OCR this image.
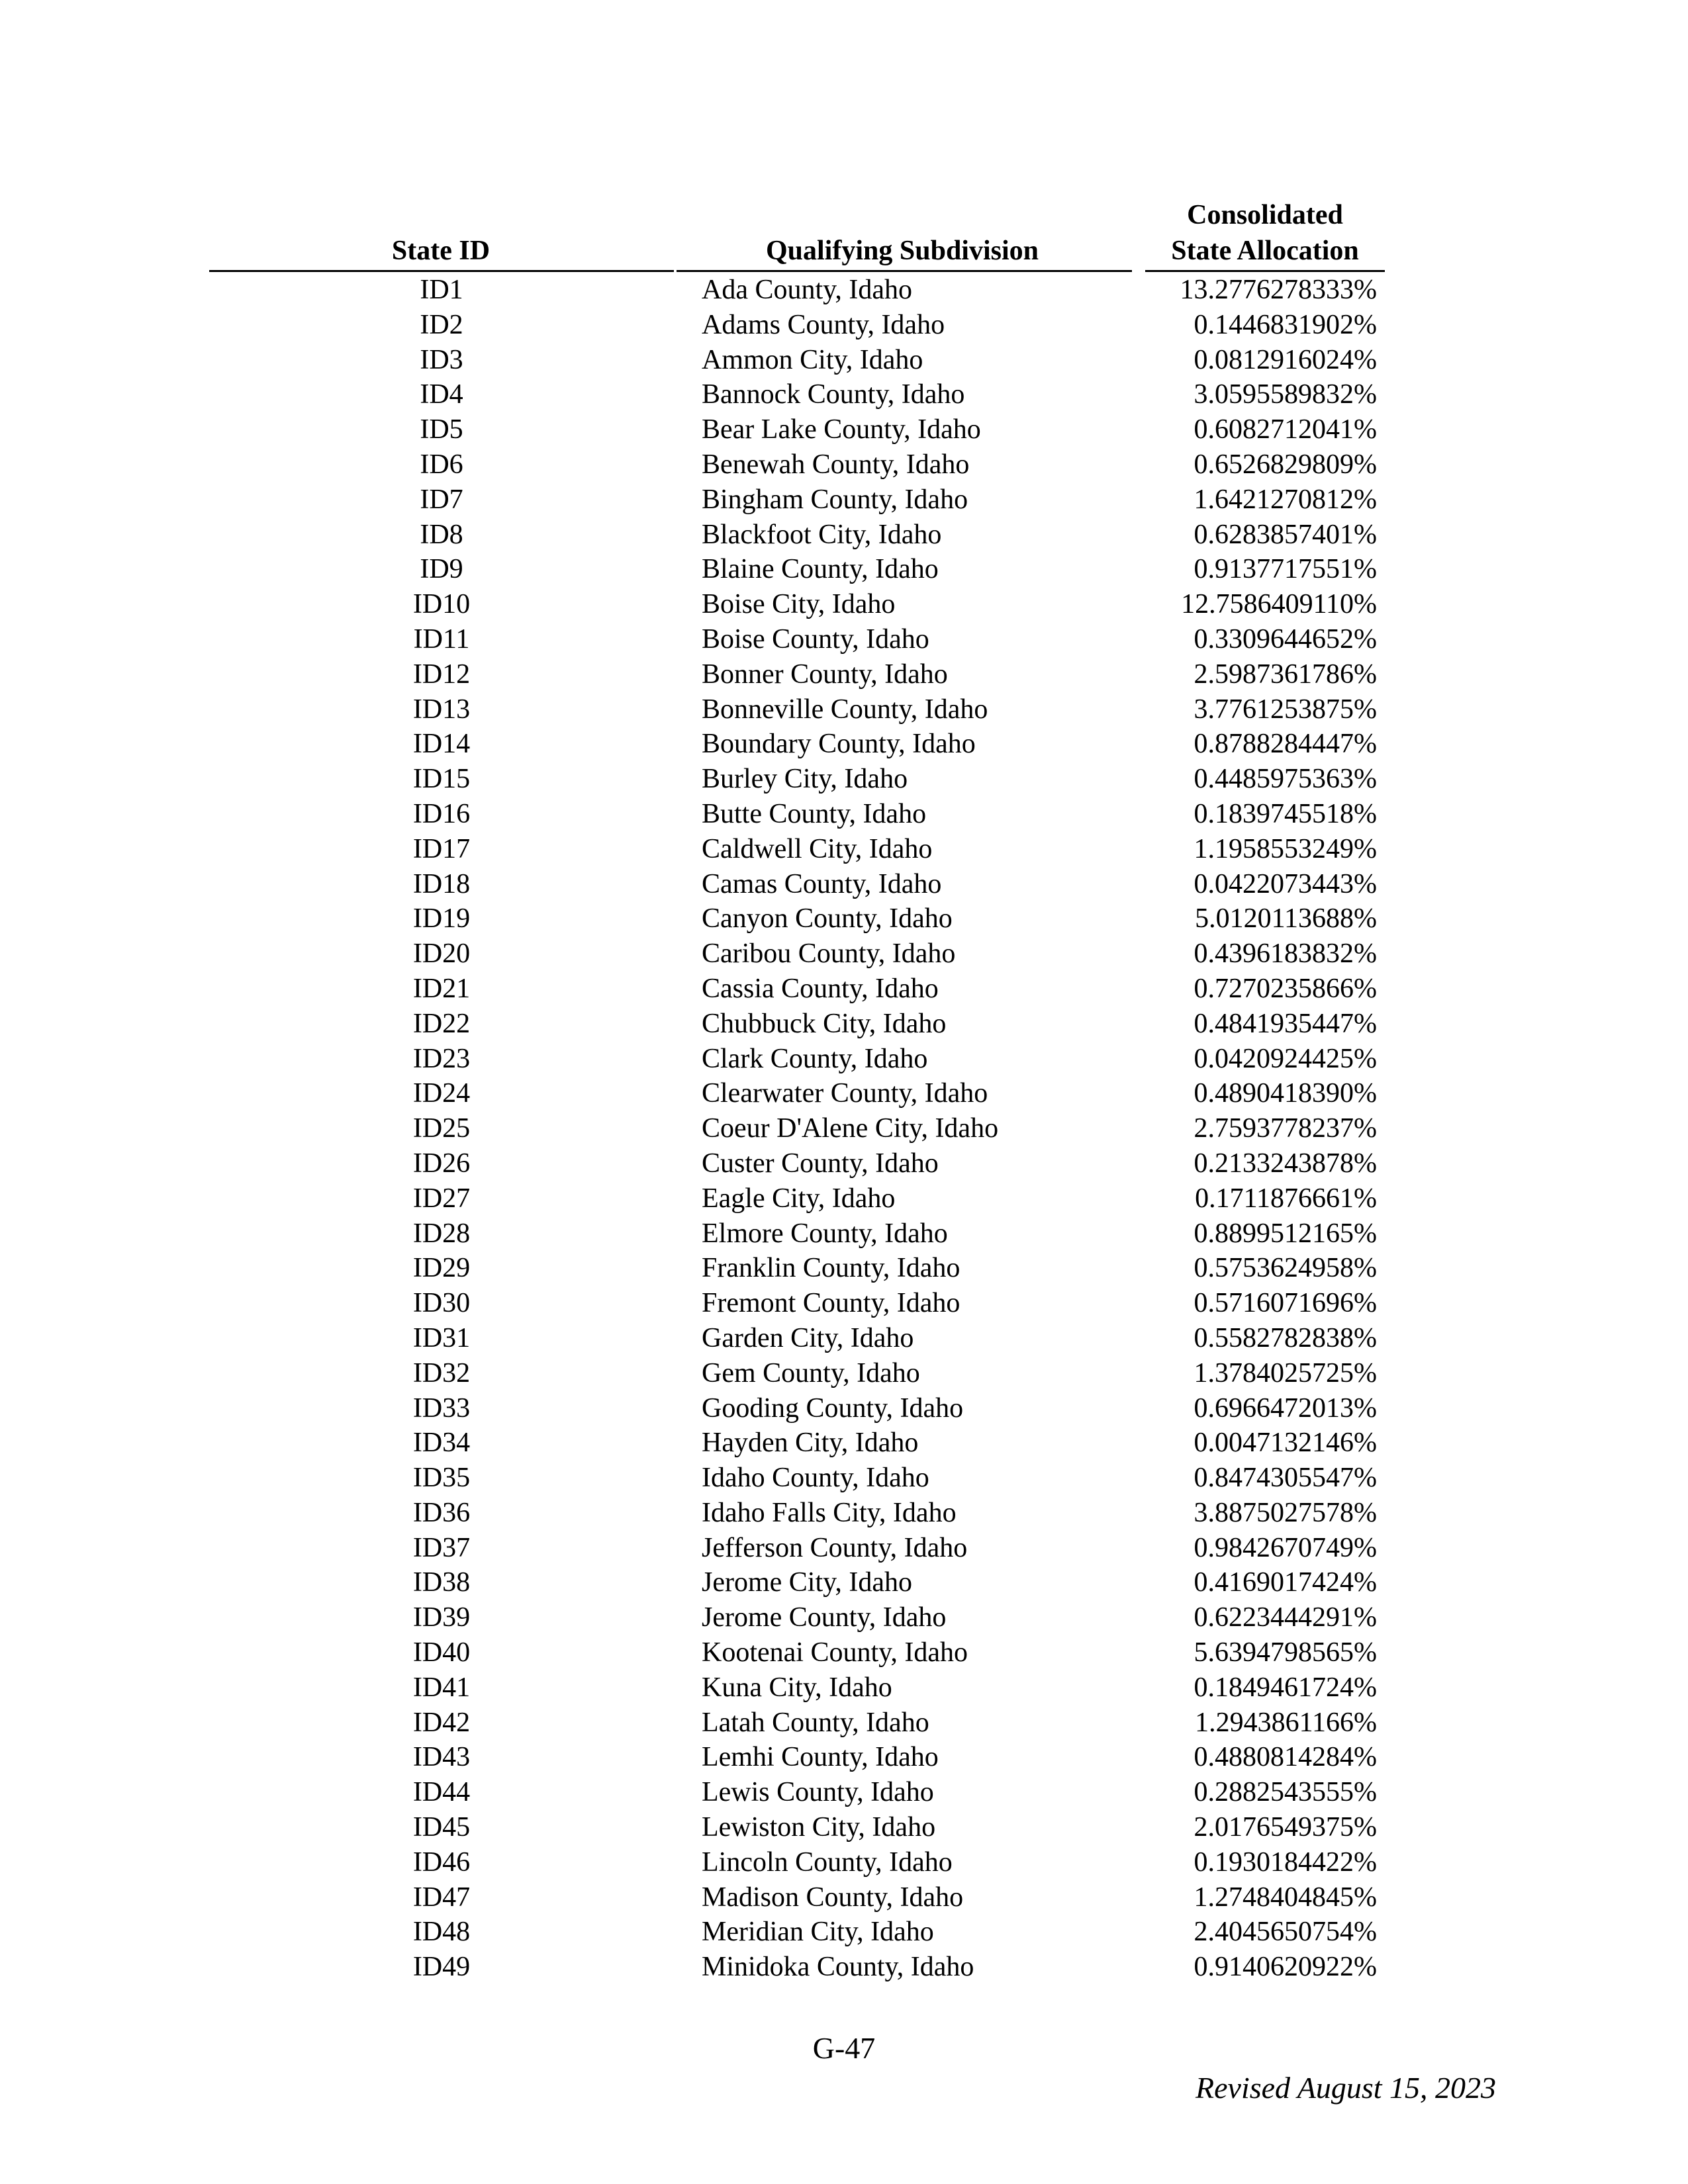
State ID	Qualifying Subdivision
Consolidated
State Allocation
ID1	Ada County, Idaho	13.2776278333%
ID2	Adams County, Idaho	0.1446831902%
ID3	Ammon City, Idaho	0.0812916024%
ID4	Bannock County, Idaho	3.0595589832%
ID5	Bear Lake County, Idaho	0.6082712041%
ID6	Benewah County, Idaho	0.6526829809%
ID7	Bingham County, Idaho	1.6421270812%
ID8	Blackfoot City, Idaho	0.6283857401%
ID9	Blaine County, Idaho	0.9137717551%
ID10	Boise City, Idaho	12.7586409110%
ID11	Boise County, Idaho	0.3309644652%
ID12	Bonner County, Idaho	2.5987361786%
ID13	Bonneville County, Idaho	3.7761253875%
ID14	Boundary County, Idaho	0.8788284447%
ID15	Burley City, Idaho	0.4485975363%
ID16	Butte County, Idaho	0.1839745518%
ID17	Caldwell City, Idaho	1.1958553249%
ID18	Camas County, Idaho	0.0422073443%
ID19	Canyon County, Idaho	5.0120113688%
ID20	Caribou County, Idaho	0.4396183832%
ID21	Cassia County, Idaho	0.7270235866%
ID22	Chubbuck City, Idaho	0.4841935447%
ID23	Clark County, Idaho	0.0420924425%
ID24	Clearwater County, Idaho	0.4890418390%
ID25	Coeur D'Alene City, Idaho	2.7593778237%
ID26	Custer County, Idaho	0.2133243878%
ID27	Eagle City, Idaho	0.1711876661%
ID28	Elmore County, Idaho	0.8899512165%
ID29	Franklin County, Idaho	0.5753624958%
ID30	Fremont County, Idaho	0.5716071696%
ID31	Garden City, Idaho	0.5582782838%
ID32	Gem County, Idaho	1.3784025725%
ID33	Gooding County, Idaho	0.6966472013%
ID34	Hayden City, Idaho	0.0047132146%
ID35	Idaho County, Idaho	0.8474305547%
ID36	Idaho Falls City, Idaho	3.8875027578%
ID37	Jefferson County, Idaho	0.9842670749%
ID38	Jerome City, Idaho	0.4169017424%
ID39	Jerome County, Idaho	0.6223444291%
ID40	Kootenai County, Idaho	5.6394798565%
ID41	Kuna City, Idaho	0.1849461724%
ID42	Latah County, Idaho	1.2943861166%
ID43	Lemhi County, Idaho	0.4880814284%
ID44	Lewis County, Idaho	0.2882543555%
ID45	Lewiston City, Idaho	2.0176549375%
ID46	Lincoln County, Idaho	0.1930184422%
ID47	Madison County, Idaho	1.2748404845%
ID48	Meridian City, Idaho	2.4045650754%
ID49	Minidoka County, Idaho	0.9140620922%
G-47
Revised August 15, 2023
